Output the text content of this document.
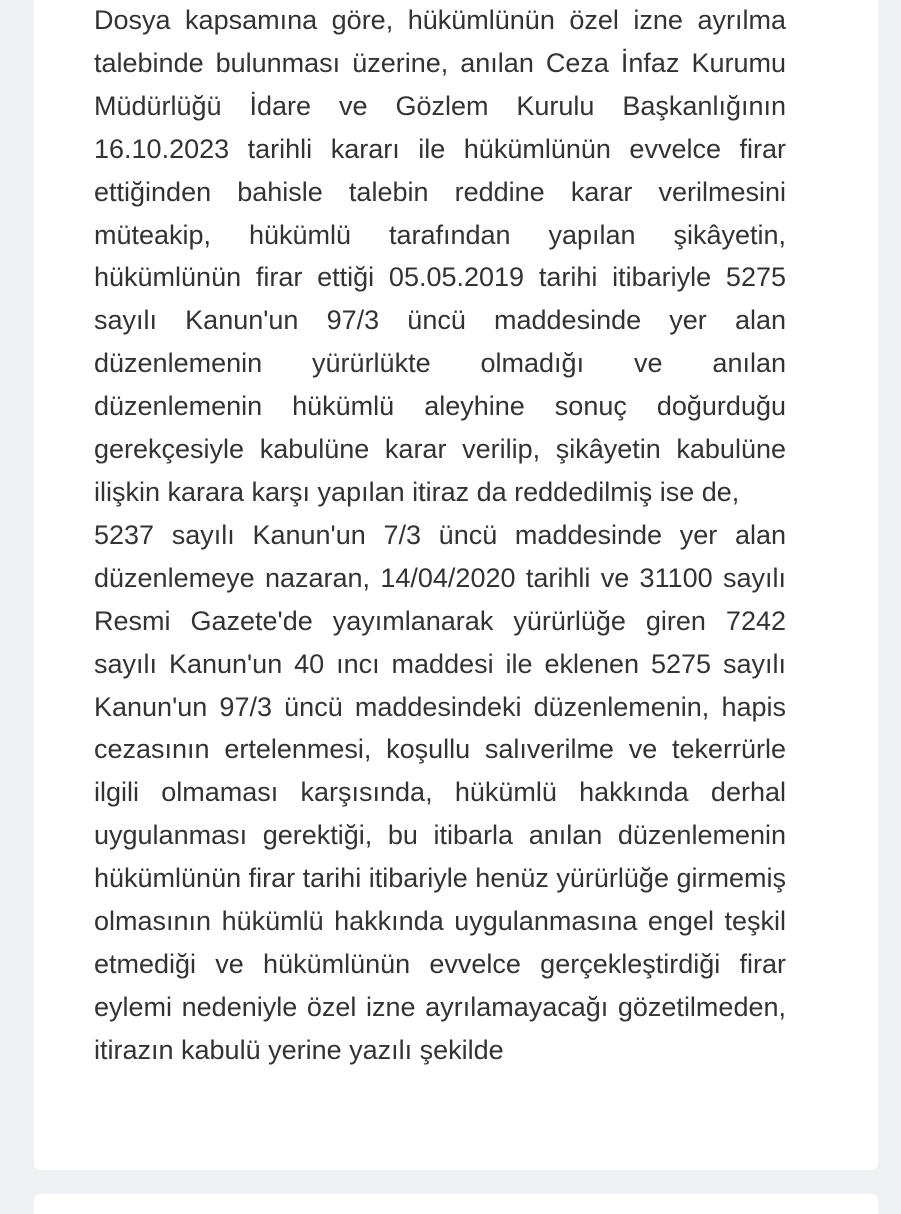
Dosya kapsamına göre, hükümlünün özel izne ayrılma talebinde bulunması üzerine, anılan Ceza İnfaz Kurumu Müdürlüğü İdare ve Gözlem Kurulu Başkanlığının 16.10.2023 tarihli kararı ile hükümlünün evvelce firar ettiğinden bahisle talebin reddine karar verilmesini müteakip, hükümlü tarafından yapılan şikâyetin, hükümlünün firar ettiği 05.05.2019 tarihi itibariyle 5275 sayılı Kanun'un 97/3 üncü maddesinde yer alan düzenlemenin yürürlükte olmadığı ve anılan düzenlemenin hükümlü aleyhine sonuç doğurduğu gerekçesiyle kabulüne karar verilip, şikâyetin kabulüne ilişkin karara karşı yapılan itiraz da reddedilmiş ise de,

5237 sayılı Kanun'un 7/3 üncü maddesinde yer alan düzenlemeye nazaran, 14/04/2020 tarihli ve 31100 sayılı Resmi Gazete'de yayımlanarak yürürlüğe giren 7242 sayılı Kanun'un 40 ıncı maddesi ile eklenen 5275 sayılı Kanun'un 97/3 üncü maddesindeki düzenlemenin, hapis cezasının ertelenmesi, koşullu salıverilme ve tekerrürle ilgili olmaması karşısında, hükümlü hakkında derhal uygulanması gerektiği, bu itibarla anılan düzenlemenin hükümlünün firar tarihi itibariyle henüz yürürlüğe girmemiş olmasının hükümlü hakkında uygulanmasına engel teşkil etmediği ve hükümlünün evvelce gerçekleştirdiği firar eylemi nedeniyle özel izne ayrılamayacağı gözetilmeden, itirazın kabulü yerine yazılı şekilde
